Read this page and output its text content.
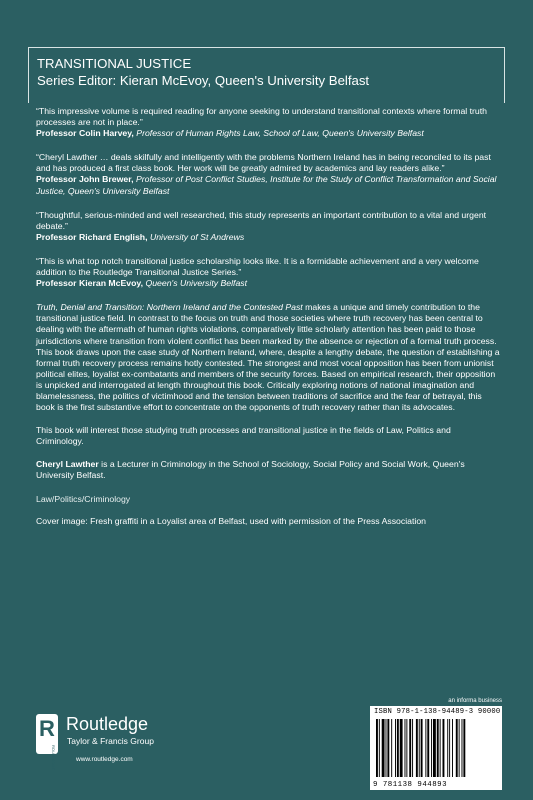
TRANSITIONAL JUSTICE
Series Editor: Kieran McEvoy, Queen's University Belfast
“This impressive volume is required reading for anyone seeking to understand transitional contexts where formal truth processes are not in place.”
Professor Colin Harvey, Professor of Human Rights Law, School of Law, Queen's University Belfast
“Cheryl Lawther … deals skilfully and intelligently with the problems Northern Ireland has in being reconciled to its past and has produced a first class book. Her work will be greatly admired by academics and lay readers alike.”
Professor John Brewer, Professor of Post Conflict Studies, Institute for the Study of Conflict Transformation and Social Justice, Queen's University Belfast
“Thoughtful, serious-minded and well researched, this study represents an important contribution to a vital and urgent debate.”
Professor Richard English, University of St Andrews
“This is what top notch transitional justice scholarship looks like. It is a formidable achievement and a very welcome addition to the Routledge Transitional Justice Series.”
Professor Kieran McEvoy, Queen's University Belfast

Truth, Denial and Transition: Northern Ireland and the Contested Past makes a unique and timely contribution to the transitional justice field. In contrast to the focus on truth and those societies where truth recovery has been central to dealing with the aftermath of human rights violations, comparatively little scholarly attention has been paid to those jurisdictions where transition from violent conflict has been marked by the absence or rejection of a formal truth process. This book draws upon the case study of Northern Ireland, where, despite a lengthy debate, the question of establishing a formal truth recovery process remains hotly contested. The strongest and most vocal opposition has been from unionist political elites, loyalist ex-combatants and members of the security forces. Based on empirical research, their opposition is unpicked and interrogated at length throughout this book. Critically exploring notions of national imagination and blamelessness, the politics of victimhood and the tension between traditions of sacrifice and the fear of betrayal, this book is the first substantive effort to concentrate on the opponents of truth recovery rather than its advocates.

This book will interest those studying truth processes and transitional justice in the fields of Law, Politics and Criminology.

Cheryl Lawther is a Lecturer in Criminology in the School of Sociology, Social Policy and Social Work, Queen's University Belfast.

Law/Politics/Criminology

Cover image: Fresh graffiti in a Loyalist area of Belfast, used with permission of the Press Association

R
ROUTLEDGE
Routledge
Taylor & Francis Group
www.routledge.com
an informa business
ISBN 978-1-138-94489-3 90000
9 781138 944893
